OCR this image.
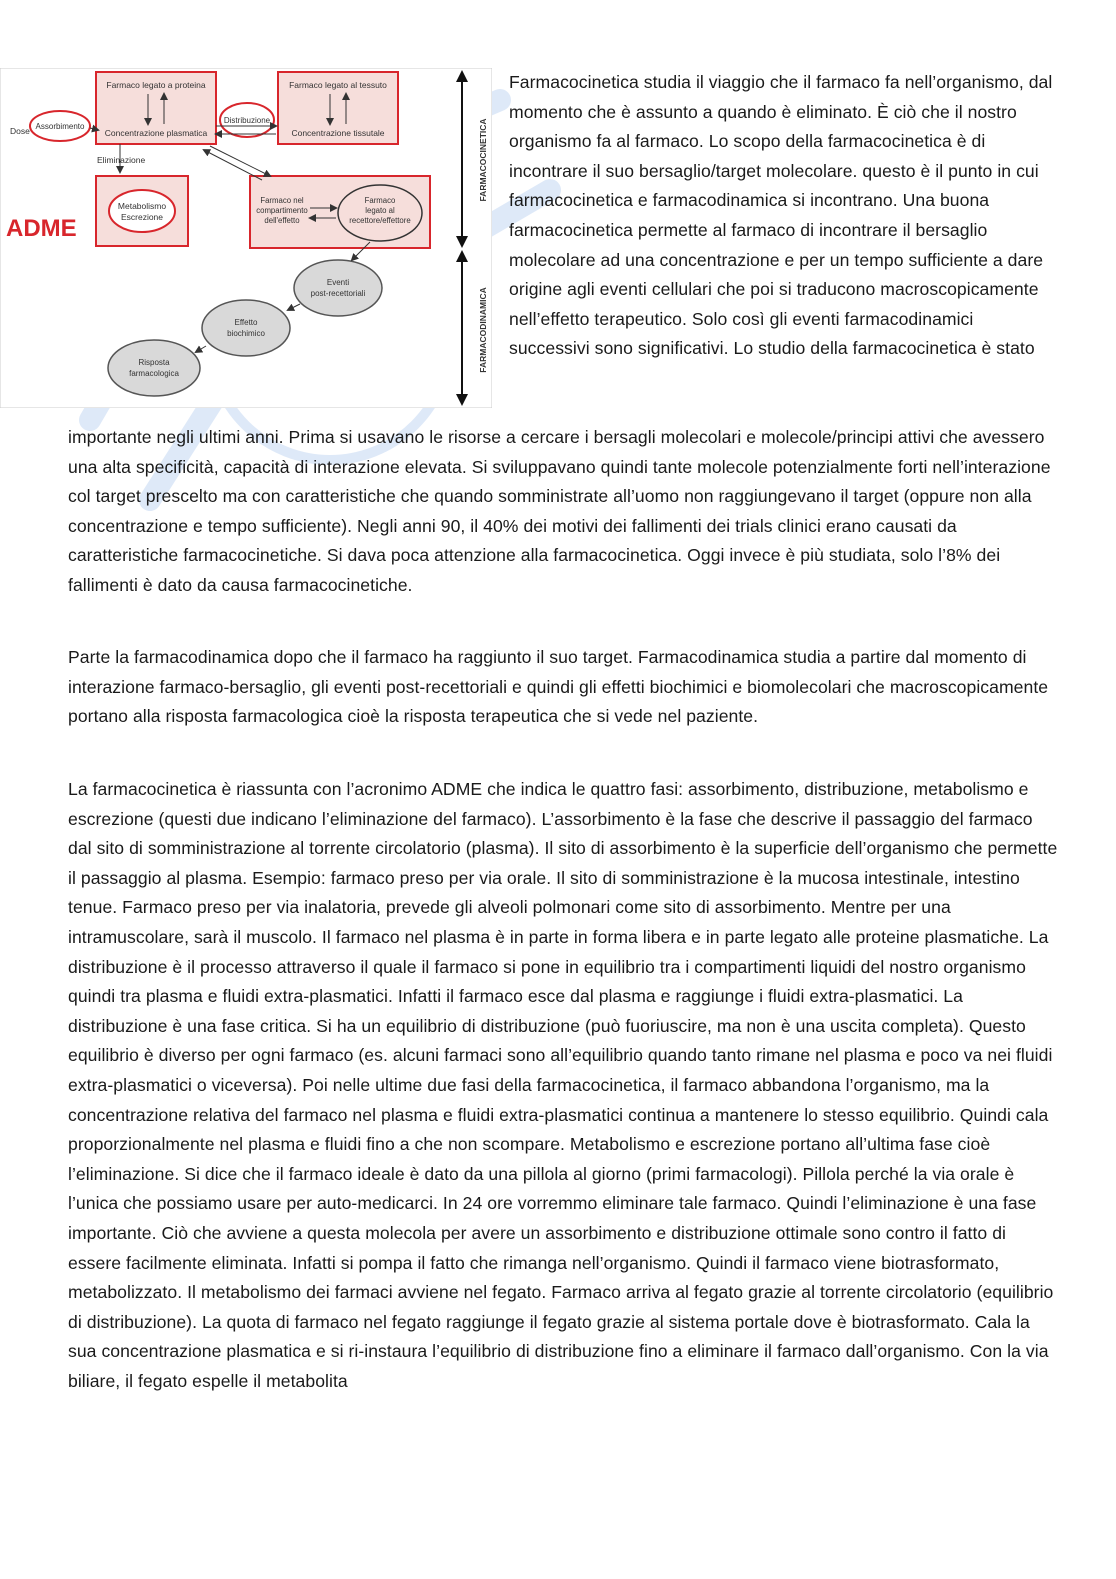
Farmaco legato a proteina
Concentrazione plasmatica
Farmaco legato al tessuto
Concentrazione tissutale
Dose Assorbimento
Distribuzione
Eliminazione
ADME
Metabolismo
Escrezione
Farmaco nel
compartimento
dell'effetto
Farmaco
legato al
recettore/effettore
Eventi
post-recettoriali
Effetto
biochimico
Risposta
farmacologica
FARMACOCINETICA
FARMACODINAMICA

Farmacocinetica studia il viaggio che il farmaco fa nell’organismo, dal momento che è assunto a quando è eliminato. È ciò che il nostro organismo fa al farmaco. Lo scopo della farmacocinetica è di incontrare il suo bersaglio/target molecolare. questo è il punto in cui farmacocinetica e farmacodinamica si incontrano. Una buona farmacocinetica permette al farmaco di incontrare il bersaglio molecolare ad una concentrazione e per un tempo sufficiente a dare origine agli eventi cellulari che poi si traducono macroscopicamente nell’effetto terapeutico. Solo così gli eventi farmacodinamici successivi sono significativi. Lo studio della farmacocinetica è stato

importante negli ultimi anni. Prima si usavano le risorse a cercare i bersagli molecolari e molecole/principi attivi che avessero una alta specificità, capacità di interazione elevata. Si sviluppavano quindi tante molecole potenzialmente forti nell’interazione col target prescelto ma con caratteristiche che quando somministrate all’uomo non raggiungevano il target (oppure non alla concentrazione e tempo sufficiente). Negli anni 90, il 40% dei motivi dei fallimenti dei trials clinici erano causati da caratteristiche farmacocinetiche. Si dava poca attenzione alla farmacocinetica. Oggi invece è più studiata, solo l’8% dei fallimenti è dato da causa farmacocinetiche.

Parte la farmacodinamica dopo che il farmaco ha raggiunto il suo target. Farmacodinamica studia a partire dal momento di interazione farmaco-bersaglio, gli eventi post-recettoriali e quindi gli effetti biochimici e biomolecolari che macroscopicamente portano alla risposta farmacologica cioè la risposta terapeutica che si vede nel paziente.

La farmacocinetica è riassunta con l’acronimo ADME che indica le quattro fasi: assorbimento, distribuzione, metabolismo e escrezione (questi due indicano l’eliminazione del farmaco). L’assorbimento è la fase che descrive il passaggio del farmaco dal sito di somministrazione al torrente circolatorio (plasma). Il sito di assorbimento è la superficie dell’organismo che permette il passaggio al plasma. Esempio: farmaco preso per via orale. Il sito di somministrazione è la mucosa intestinale, intestino tenue. Farmaco preso per via inalatoria, prevede gli alveoli polmonari come sito di assorbimento. Mentre per una intramuscolare, sarà il muscolo. Il farmaco nel plasma è in parte in forma libera e in parte legato alle proteine plasmatiche. La distribuzione è il processo attraverso il quale il farmaco si pone in equilibrio tra i compartimenti liquidi del nostro organismo quindi tra plasma e fluidi extra-plasmatici. Infatti il farmaco esce dal plasma e raggiunge i fluidi extra-plasmatici. La distribuzione è una fase critica. Si ha un equilibrio di distribuzione (può fuoriuscire, ma non è una uscita completa). Questo equilibrio è diverso per ogni farmaco (es. alcuni farmaci sono all’equilibrio quando tanto rimane nel plasma e poco va nei fluidi extra-plasmatici o viceversa). Poi nelle ultime due fasi della farmacocinetica, il farmaco abbandona l’organismo, ma la concentrazione relativa del farmaco nel plasma e fluidi extra-plasmatici continua a mantenere lo stesso equilibrio. Quindi cala proporzionalmente nel plasma e fluidi fino a che non scompare. Metabolismo e escrezione portano all’ultima fase cioè l’eliminazione. Si dice che il farmaco ideale è dato da una pillola al giorno (primi farmacologi). Pillola perché la via orale è l’unica che possiamo usare per auto-medicarci. In 24 ore vorremmo eliminare tale farmaco. Quindi l’eliminazione è una fase importante. Ciò che avviene a questa molecola per avere un assorbimento e distribuzione ottimale sono contro il fatto di essere facilmente eliminata. Infatti si pompa il fatto che rimanga nell’organismo. Quindi il farmaco viene biotrasformato, metabolizzato. Il metabolismo dei farmaci avviene nel fegato. Farmaco arriva al fegato grazie al torrente circolatorio (equilibrio di distribuzione). La quota di farmaco nel fegato raggiunge il fegato grazie al sistema portale dove è biotrasformato. Cala la sua concentrazione plasmatica e si ri-instaura l’equilibrio di distribuzione fino a eliminare il farmaco dall’organismo. Con la via biliare, il fegato espelle il metabolita
